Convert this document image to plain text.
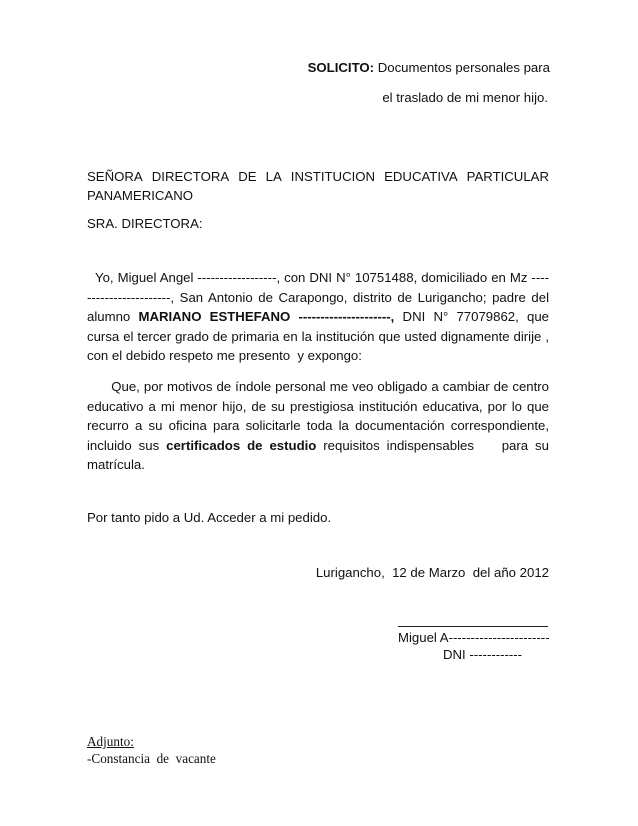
SOLICITO: Documentos personales para
el traslado de mi menor hijo.
SEÑORA DIRECTORA DE LA INSTITUCION EDUCATIVA PARTICULAR
PANAMERICANO
SRA. DIRECTORA:
Yo, Miguel Angel ------------------, con DNI N° 10751488, domiciliado en Mz -----------------------, San Antonio de Carapongo, distrito de Lurigancho; padre del alumno MARIANO ESTHEFANO ---------------------, DNI N° 77079862, que cursa el tercer grado de primaria en la institución que usted dignamente dirije , con el debido respeto me presento  y expongo:
Que, por motivos de índole personal me veo obligado a cambiar de centro educativo a mi menor hijo, de su prestigiosa institución educativa, por lo que recurro a su oficina para solicitarle toda la documentación correspondiente, incluido sus certificados de estudio requisitos indispensables    para su matrícula.
Por tanto pido a Ud. Acceder a mi pedido.
Lurigancho,  12 de Marzo  del año 2012
Miguel A-----------------------
DNI ------------
Adjunto:
-Constancia  de  vacante
